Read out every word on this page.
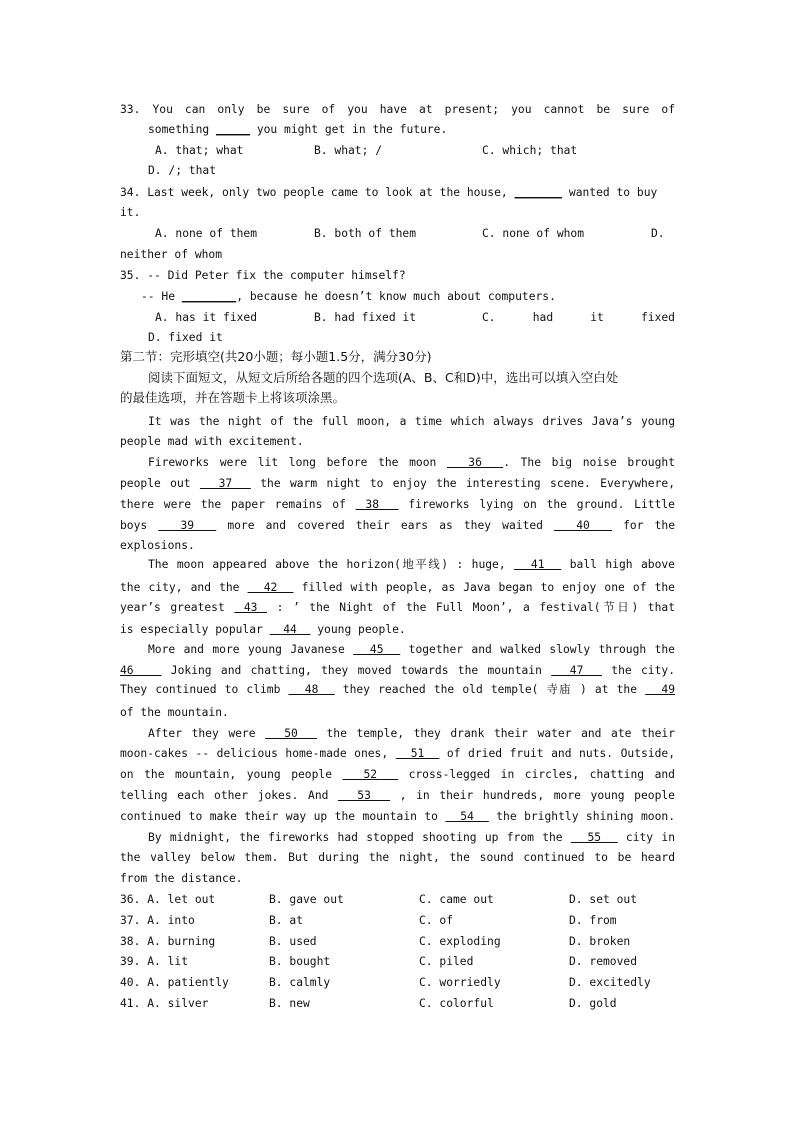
33. You can only be sure of you have at present; you cannot be sure of
something _____ you might get in the future.
A. that; what	B. what; /	C. which; that
D. /; that
34. Last week, only two people came to look at the house, _______ wanted to buy
it.
A. none of them	B. both of them	C. none of whom	D.
neither of whom
35. -- Did Peter fix the computer himself?
-- He ________, because he doesn’t know much about computers.
A. has it fixed	B. had fixed it	C. had it fixed
D. fixed it
第二节：完形填空(共20小题；每小题1.5分，满分30分)
阅读下面短文，从短文后所给各题的四个选项(A、B、C和D)中，选出可以填入空白处
的最佳选项，并在答题卡上将该项涂黑。
It was the night of the full moon, a time which always drives Java’s young
people mad with excitement.
Fireworks were lit long before the moon   36  . The big noise brought
people out   37   the warm night to enjoy the interesting scene. Everywhere,
there were the paper remains of  38   fireworks lying on the ground. Little
boys   39   more and covered their ears as they waited   40   for the
explosions.
The moon appeared above the horizon(地平线) : huge,   41   ball high above
the city, and the   42   filled with people, as Java began to enjoy one of the
year’s greatest  43  : ’ the Night of the Full Moon’, a festival(节日) that
is especially popular   44   young people.
More and more young Javanese   45   together and walked slowly through the
46    Joking and chatting, they moved towards the mountain   47   the city.
They continued to climb   48   they reached the old temple( 寺庙 ) at the   49
of the mountain.
After they were   50   the temple, they drank their water and ate their
moon-cakes -- delicious home-made ones,   51   of dried fruit and nuts. Outside,
on the mountain, young people   52   cross-legged in circles, chatting and
telling each other jokes. And   53   , in their hundreds, more young people
continued to make their way up the mountain to   54   the brightly shining moon.
By midnight, the fireworks had stopped shooting up from the   55   city in
the valley below them. But during the night, the sound continued to be heard
from the distance.
36. A. let out	B. gave out	C. came out	D. set out
37. A. into	B. at	C. of	D. from
38. A. burning	B. used	C. exploding	D. broken
39. A. lit	B. bought	C. piled	D. removed
40. A. patiently	B. calmly	C. worriedly	D. excitedly
41. A. silver	B. new	C. colorful	D. gold
